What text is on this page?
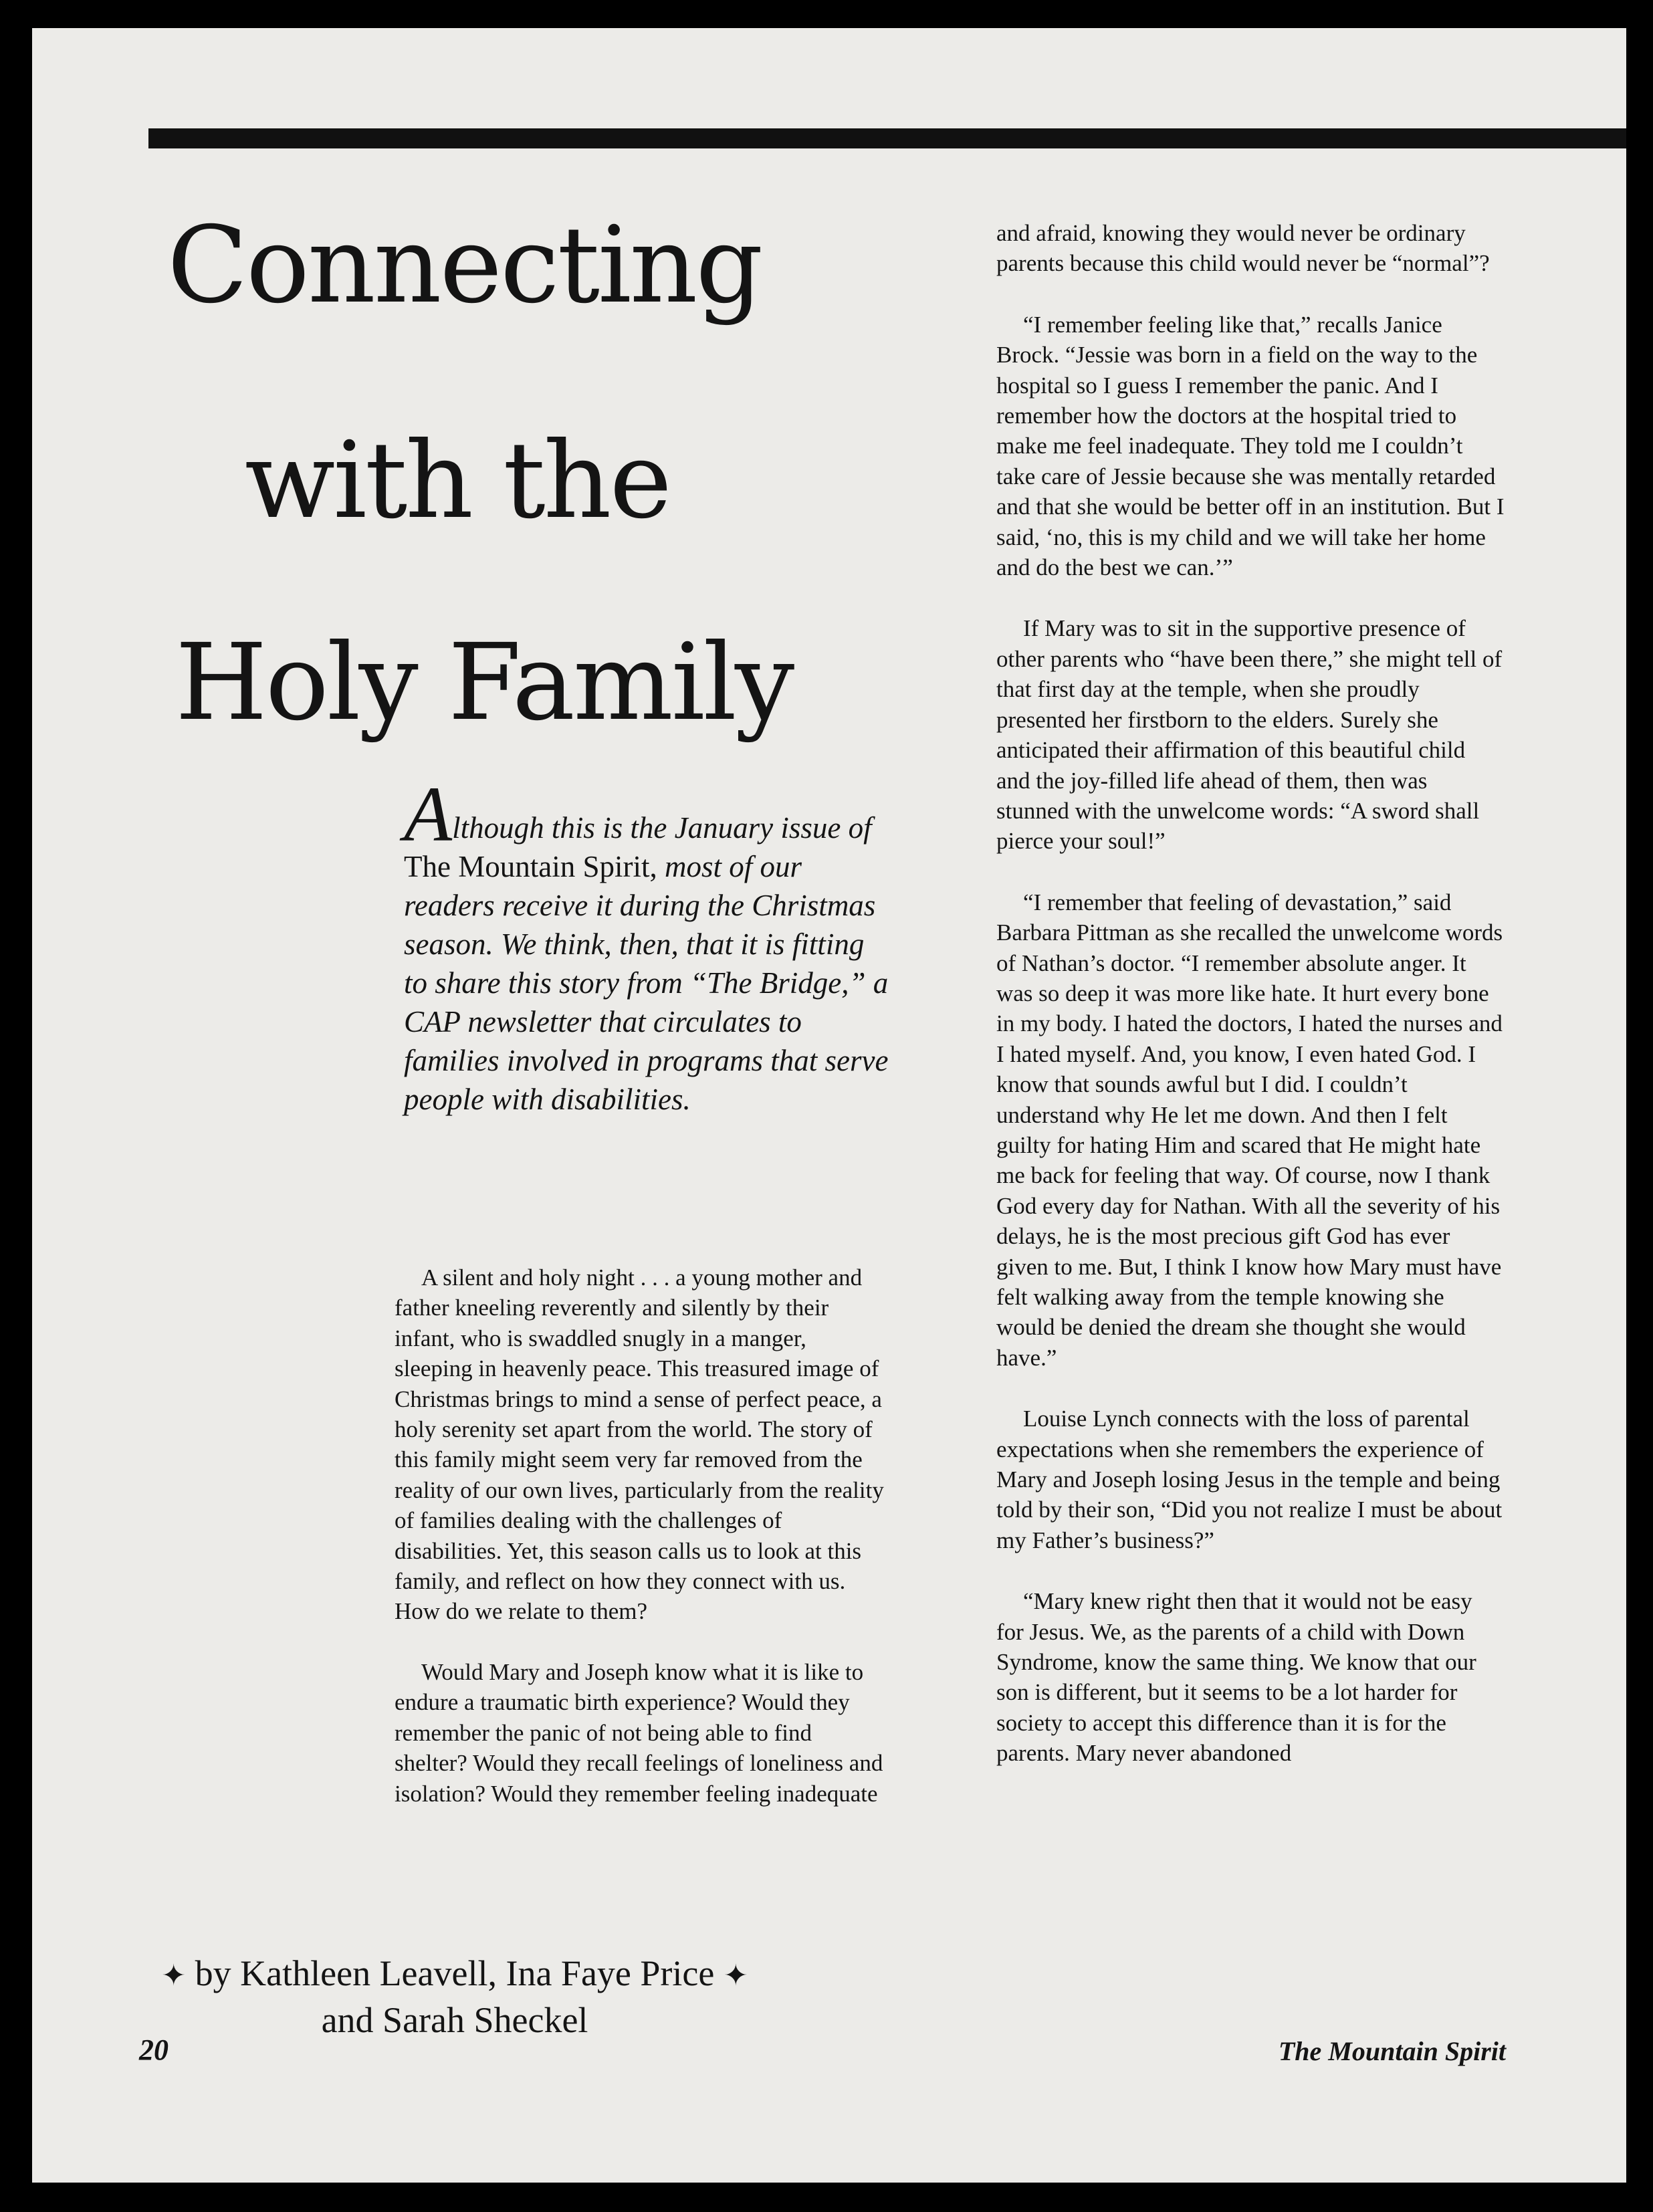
Connecting
with the
Holy Family

Although this is the January issue of The Mountain Spirit, most of our readers receive it during the Christmas season. We think, then, that it is fitting to share this story from “The Bridge,” a CAP newsletter that circulates to families involved in programs that serve people with disabilities.

A silent and holy night . . . a young mother and father kneeling reverently and silently by their infant, who is swaddled snugly in a manger, sleeping in heavenly peace. This treasured image of Christmas brings to mind a sense of perfect peace, a holy serenity set apart from the world. The story of this family might seem very far removed from the reality of our own lives, particularly from the reality of families dealing with the challenges of disabilities. Yet, this season calls us to look at this family, and reflect on how they connect with us. How do we relate to them?

Would Mary and Joseph know what it is like to endure a traumatic birth experience? Would they remember the panic of not being able to find shelter? Would they recall feelings of loneliness and isolation? Would they remember feeling inadequate

and afraid, knowing they would never be ordinary parents because this child would never be “normal”?

“I remember feeling like that,” recalls Janice Brock. “Jessie was born in a field on the way to the hospital so I guess I remember the panic. And I remember how the doctors at the hospital tried to make me feel inadequate. They told me I couldn’t take care of Jessie because she was mentally retarded and that she would be better off in an institution. But I said, ‘no, this is my child and we will take her home and do the best we can.’”

If Mary was to sit in the supportive presence of other parents who “have been there,” she might tell of that first day at the temple, when she proudly presented her firstborn to the elders. Surely she anticipated their affirmation of this beautiful child and the joy-filled life ahead of them, then was stunned with the unwelcome words: “A sword shall pierce your soul!”

“I remember that feeling of devastation,” said Barbara Pittman as she recalled the unwelcome words of Nathan’s doctor. “I remember absolute anger. It was so deep it was more like hate. It hurt every bone in my body. I hated the doctors, I hated the nurses and I hated myself. And, you know, I even hated God. I know that sounds awful but I did. I couldn’t understand why He let me down. And then I felt guilty for hating Him and scared that He might hate me back for feeling that way. Of course, now I thank God every day for Nathan. With all the severity of his delays, he is the most precious gift God has ever given to me. But, I think I know how Mary must have felt walking away from the temple knowing she would be denied the dream she thought she would have.”

Louise Lynch connects with the loss of parental expectations when she remembers the experience of Mary and Joseph losing Jesus in the temple and being told by their son, “Did you not realize I must be about my Father’s business?”

“Mary knew right then that it would not be easy for Jesus. We, as the parents of a child with Down Syndrome, know the same thing. We know that our son is different, but it seems to be a lot harder for society to accept this difference than it is for the parents. Mary never abandoned

✦ by Kathleen Leavell, Ina Faye Price ✦
and Sarah Sheckel

20	The Mountain Spirit
